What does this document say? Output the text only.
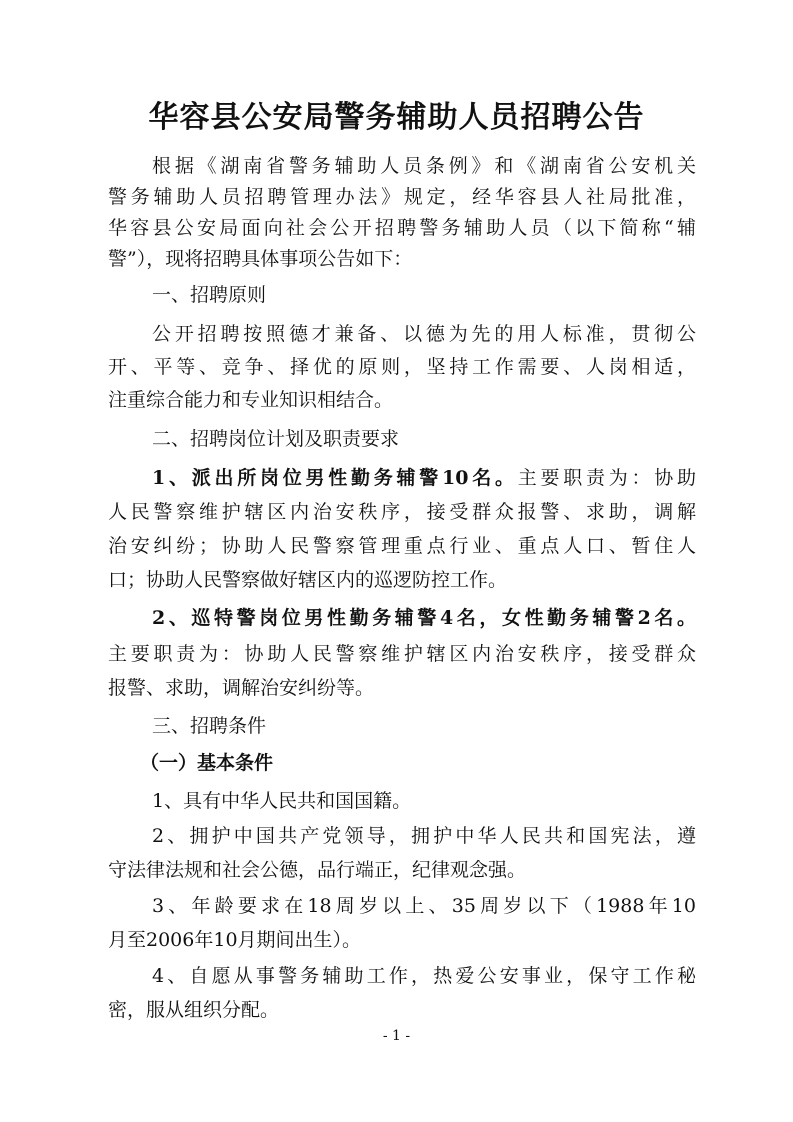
华容县公安局警务辅助人员招聘公告
根据《湖南省警务辅助人员条例》和《湖南省公安机关
警务辅助人员招聘管理办法》规定，经华容县人社局批准，
华容县公安局面向社会公开招聘警务辅助人员（以下简称“辅
警”），现将招聘具体事项公告如下：
一、招聘原则
公开招聘按照德才兼备、以德为先的用人标准，贯彻公
开、平等、竞争、择优的原则，坚持工作需要、人岗相适，
注重综合能力和专业知识相结合。
二、招聘岗位计划及职责要求
1、派出所岗位男性勤务辅警10名。主要职责为：协助
人民警察维护辖区内治安秩序，接受群众报警、求助，调解
治安纠纷；协助人民警察管理重点行业、重点人口、暂住人
口；协助人民警察做好辖区内的巡逻防控工作。
2、巡特警岗位男性勤务辅警4名，女性勤务辅警2名。
主要职责为：协助人民警察维护辖区内治安秩序，接受群众
报警、求助，调解治安纠纷等。
三、招聘条件
（一）基本条件
1、具有中华人民共和国国籍。
2、拥护中国共产党领导，拥护中华人民共和国宪法，遵
守法律法规和社会公德，品行端正，纪律观念强。
3、年龄要求在18周岁以上、35周岁以下（1988年10
月至2006年10月期间出生）。
4、自愿从事警务辅助工作，热爱公安事业，保守工作秘
- 1 -
密，服从组织分配。
